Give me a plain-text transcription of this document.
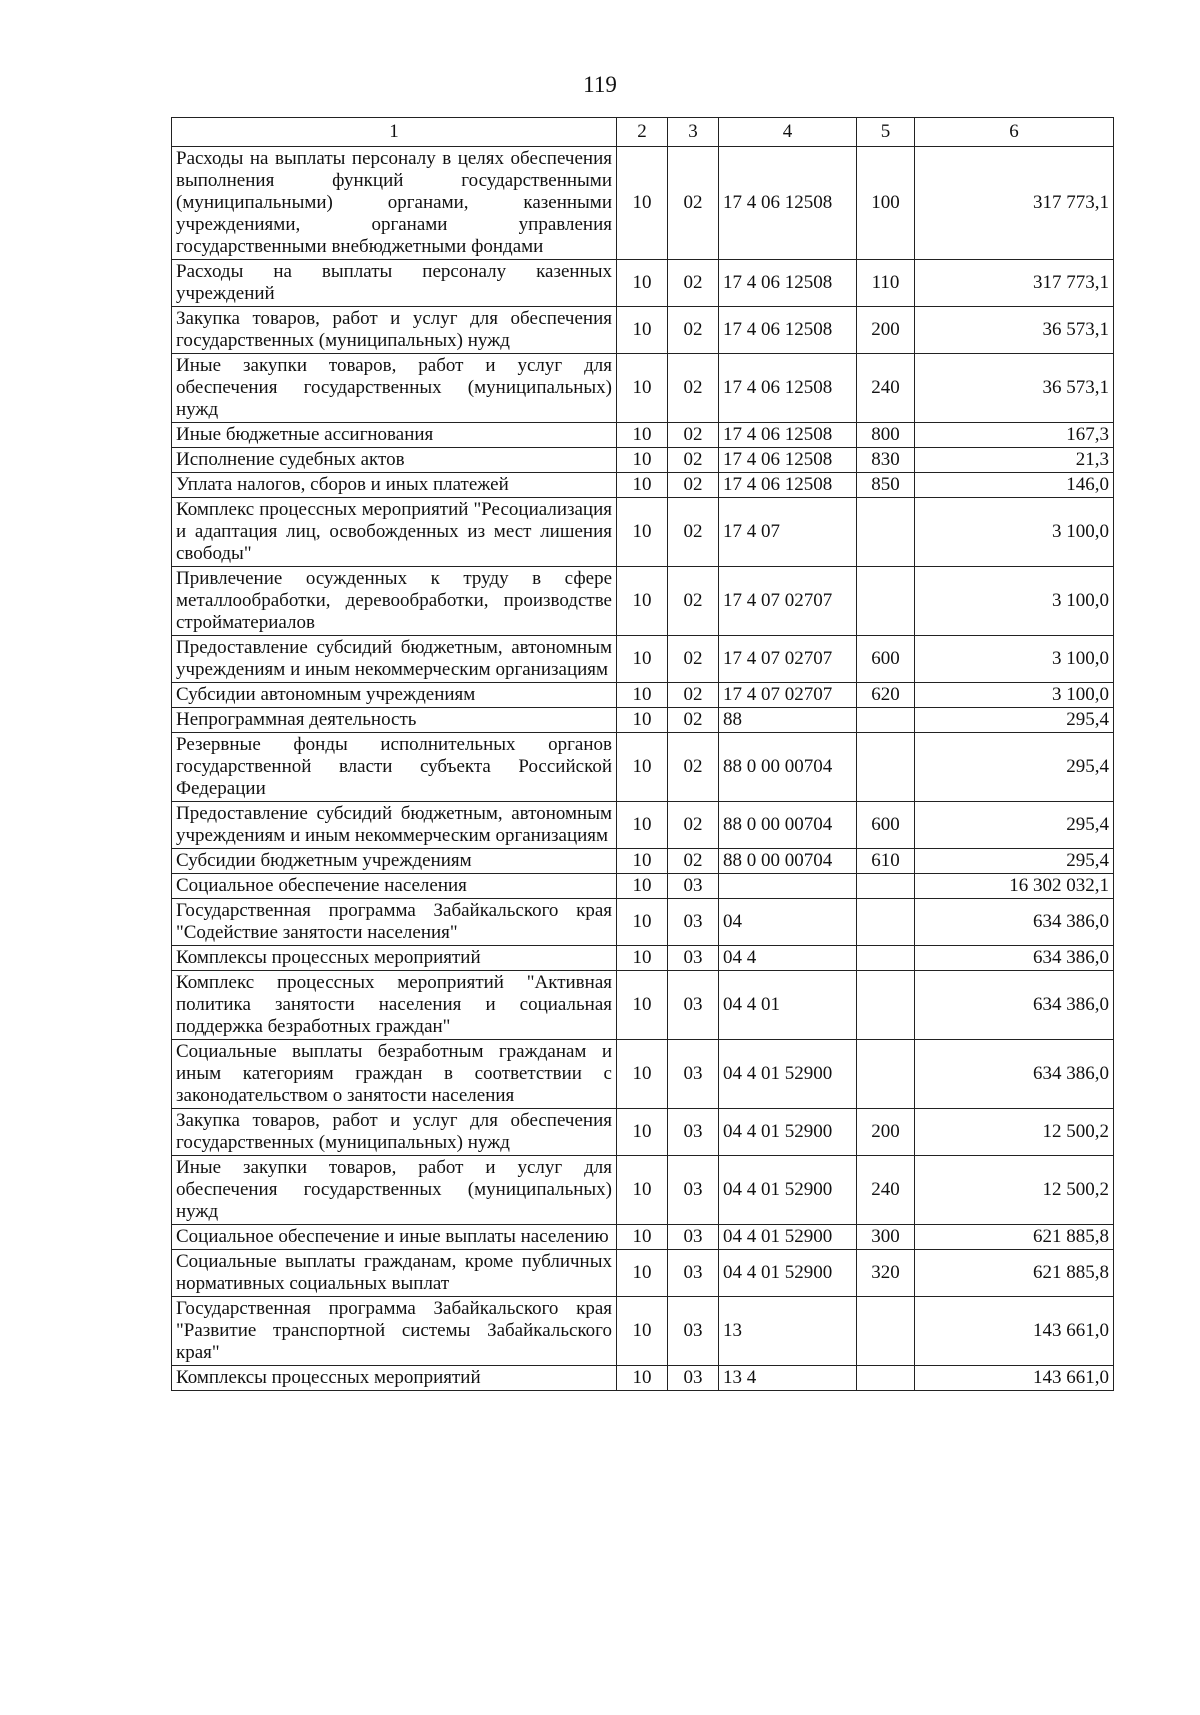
119
1	2	3	4	5	6
Расходы на выплаты персоналу в целях обеспечения выполнения функций государственными (муниципальными) органами, казенными учреждениями, органами управления государственными внебюджетными фондами	10	02	17 4 06 12508	100	317 773,1
Расходы на выплаты персоналу казенных учреждений	10	02	17 4 06 12508	110	317 773,1
Закупка товаров, работ и услуг для обеспечения государственных (муниципальных) нужд	10	02	17 4 06 12508	200	36 573,1
Иные закупки товаров, работ и услуг для обеспечения государственных (муниципальных) нужд	10	02	17 4 06 12508	240	36 573,1
Иные бюджетные ассигнования	10	02	17 4 06 12508	800	167,3
Исполнение судебных актов	10	02	17 4 06 12508	830	21,3
Уплата налогов, сборов и иных платежей	10	02	17 4 06 12508	850	146,0
Комплекс процессных мероприятий "Ресоциализация и адаптация лиц, освобожденных из мест лишения свободы"	10	02	17 4 07		3 100,0
Привлечение осужденных к труду в сфере металлообработки, деревообработки, производстве стройматериалов	10	02	17 4 07 02707		3 100,0
Предоставление субсидий бюджетным, автономным учреждениям и иным некоммерческим организациям	10	02	17 4 07 02707	600	3 100,0
Субсидии автономным учреждениям	10	02	17 4 07 02707	620	3 100,0
Непрограммная деятельность	10	02	88		295,4
Резервные фонды исполнительных органов государственной власти субъекта Российской Федерации	10	02	88 0 00 00704		295,4
Предоставление субсидий бюджетным, автономным учреждениям и иным некоммерческим организациям	10	02	88 0 00 00704	600	295,4
Субсидии бюджетным учреждениям	10	02	88 0 00 00704	610	295,4
Социальное обеспечение населения	10	03			16 302 032,1
Государственная программа Забайкальского края "Содействие занятости населения"	10	03	04		634 386,0
Комплексы процессных мероприятий	10	03	04 4		634 386,0
Комплекс процессных мероприятий "Активная политика занятости населения и социальная поддержка безработных граждан"	10	03	04 4 01		634 386,0
Социальные выплаты безработным гражданам и иным категориям граждан в соответствии с законодательством о занятости населения	10	03	04 4 01 52900		634 386,0
Закупка товаров, работ и услуг для обеспечения государственных (муниципальных) нужд	10	03	04 4 01 52900	200	12 500,2
Иные закупки товаров, работ и услуг для обеспечения государственных (муниципальных) нужд	10	03	04 4 01 52900	240	12 500,2
Социальное обеспечение и иные выплаты населению	10	03	04 4 01 52900	300	621 885,8
Социальные выплаты гражданам, кроме публичных нормативных социальных выплат	10	03	04 4 01 52900	320	621 885,8
Государственная программа Забайкальского края "Развитие транспортной системы Забайкальского края"	10	03	13		143 661,0
Комплексы процессных мероприятий	10	03	13 4		143 661,0
